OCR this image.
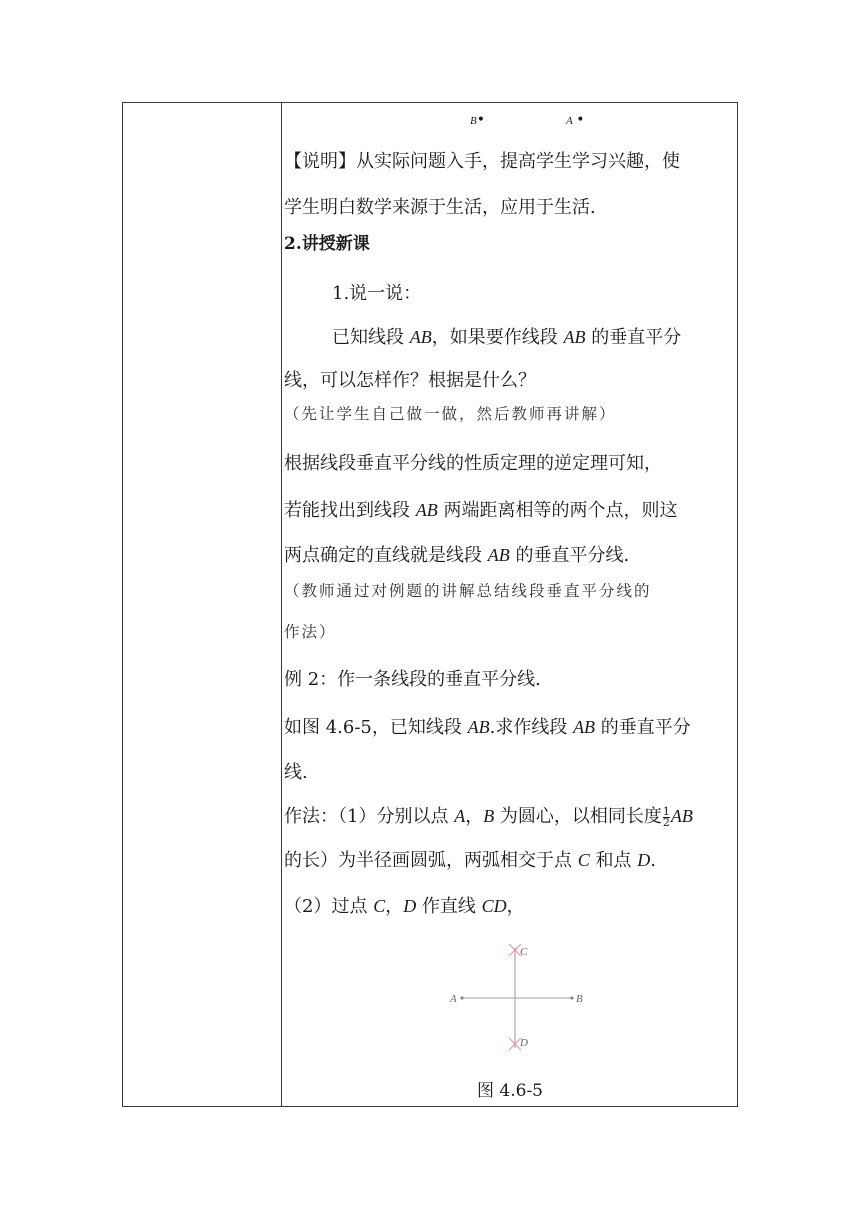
B•	A •
【说明】从实际问题入手，提高学生学习兴趣，使
学生明白数学来源于生活，应用于生活.
2.讲授新课
1.说一说：
已知线段 AB，如果要作线段 AB 的垂直平分
线，可以怎样作？根据是什么？
（先让学生自己做一做，然后教师再讲解）
根据线段垂直平分线的性质定理的逆定理可知，
若能找出到线段 AB 两端距离相等的两个点，则这
两点确定的直线就是线段 AB 的垂直平分线.
（教师通过对例题的讲解总结线段垂直平分线的
作法）
例 2：作一条线段的垂直平分线.
如图 4.6-5，已知线段 AB.求作线段 AB 的垂直平分
线.
作法：（1）分别以点 A，B 为圆心，以相同长度 $\frac{1}{2}$ AB
的长）为半径画圆弧，两弧相交于点 C 和点 D.
（2）过点 C，D 作直线 CD，
A	B
C
D
图 4.6-5
